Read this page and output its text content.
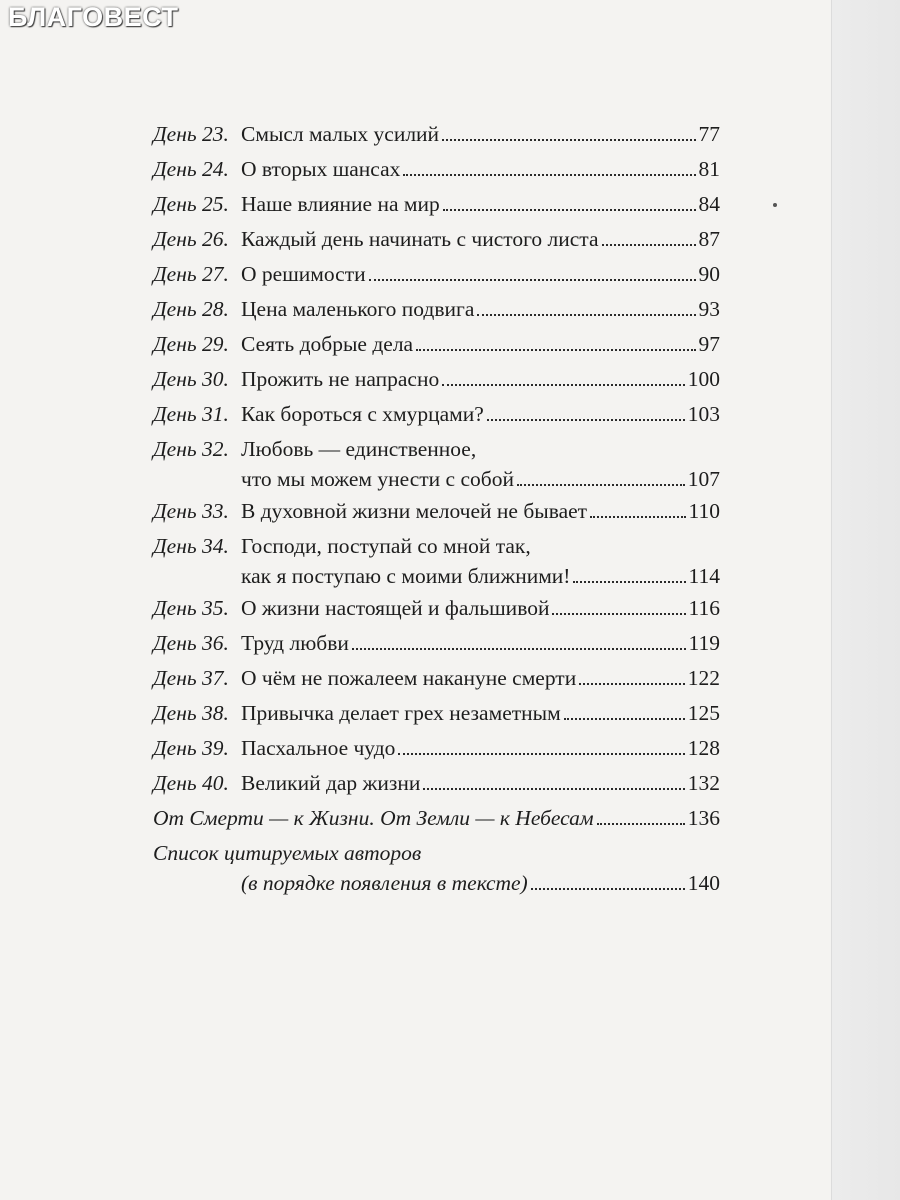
БЛАГОВЕСТ
День 23. Смысл малых усилий	77
День 24. О вторых шансах	81
День 25. Наше влияние на мир	84
День 26. Каждый день начинать с чистого листа	87
День 27. О решимости	90
День 28. Цена маленького подвига	93
День 29. Сеять добрые дела	97
День 30. Прожить не напрасно	100
День 31. Как бороться с хмурцами?	103
День 32. Любовь — единственное,
что мы можем унести с собой	107
День 33. В духовной жизни мелочей не бывает	110
День 34. Господи, поступай со мной так,
как я поступаю с моими ближними!	114
День 35. О жизни настоящей и фальшивой	116
День 36. Труд любви	119
День 37. О чём не пожалеем накануне смерти	122
День 38. Привычка делает грех незаметным	125
День 39. Пасхальное чудо	128
День 40. Великий дар жизни	132
От Смерти — к Жизни. От Земли — к Небесам	136
Список цитируемых авторов
(в порядке появления в тексте)	140
